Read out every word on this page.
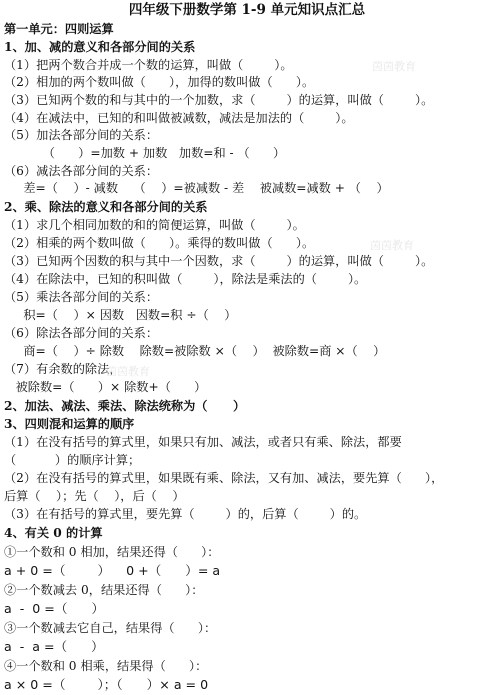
四年级下册数学第 1-9 单元知识点汇总
第一单元：四则运算
1、加、减的意义和各部分间的关系
（1）把两个数合并成一个数的运算，叫做（        ）。
（2）相加的两个数叫做（      ），加得的数叫做（      ）。
（3）已知两个数的和与其中的一个加数，求（        ）的运算，叫做（        ）。
（4）在减法中，已知的和叫做被减数，减法是加法的（        ）。
（5）加法各部分间的关系：
（      ）=加数 + 加数   加数=和 - （      ）
（6）减法各部分间的关系：
差=（    ）- 减数    （    ）=被减数 - 差    被减数=减数 + （    ）
2、乘、除法的意义和各部分间的关系
（1）求几个相同加数的和的简便运算，叫做（        ）。
（2）相乘的两个数叫做（      ）。乘得的数叫做（      ）。
（3）已知两个因数的积与其中一个因数，求（        ）的运算，叫做（        ）。
（4）在除法中，已知的积叫做（        ），除法是乘法的（        ）。
（5）乘法各部分间的关系：
积=（    ）× 因数   因数=积 ÷（    ）
（6）除法各部分间的关系：
商=（    ）÷ 除数    除数=被除数 ×（    ）  被除数=商 ×（    ）
（7）有余数的除法，
被除数=（      ）× 除数+（      ）
2、加法、减法、乘法、除法统称为（      ）
3、四则混和运算的顺序
（1）在没有括号的算式里，如果只有加、减法，或者只有乘、除法，都要
（          ）的顺序计算；
（2）在没有括号的算式里，如果既有乘、除法，又有加、减法，要先算（      ），
后算（    ）；先（    ），后（    ）
（3）在有括号的算式里，要先算（        ）的，后算（        ）的。
4、有关 0 的计算
①一个数和 0 相加，结果还得（      ）：
a + 0 =（        ）    0 +（      ）= a
②一个数减去 0，结果还得（      ）：
a  -  0 =（      ）
③一个数减去它自己，结果得（      ）：
a  -  a =（      ）
④一个数和 0 相乘，结果得（      ）：
a × 0 =（        ）；（      ）× a = 0
茵茵教育
茵茵教育
茵茵教育
